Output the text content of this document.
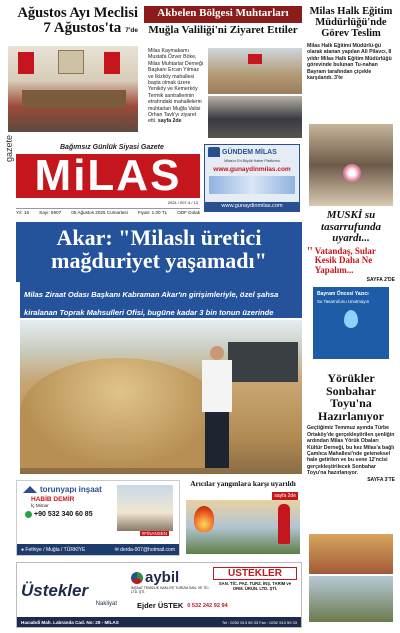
Ağustos Ayı Meclisi
7 Ağustos'ta 7'de
Akbelen Bölgesi Muhtarları
Muğla Valiliği'ni Ziyaret Ettiler
Milas Kaymakamı Mustafa Özver Böke, Milas Muhtarlar Derneği Başkanı Ercan Yılmaz ve Ikizköy mahallesi başta olmak üzere Yeniköy ve Kemerköy Termik santrallerinin etrafındaki mahallelerin muhtarları Muğla Valisi Orhan Tavlı'yı ziyaret etti. sayfa 2de
Milas Halk Eğitim Müdürlüğü'nde Görev Teslim
Milas Halk Eğitimi Müdürlü-ğü olarak atanan yapılan Ali Pilavcı, 8 yıldır Milas Halk Eğitim Müdürlüğü görevinde bulunan Tu-nahan Bayram tarafından çiçekle karşılandı. 3'te
gazete	Bağımsız Günlük Siyasi Gazete
MiLAS
2024 / 007-4 / 13
Yıl: 16 Sayı: 5907 05 Ağustos 2025 Cumartesi Fiyatı: 1.00 TL ODF Dolak
GÜNDEM MİLAS
Milas'ın En Büyük Haber Platformu
www.gunaydinmilas.com
www.gunaydinmilas.com
Akar: "Milaslı üretici
mağduriyet yaşamadı"
Milas Ziraat Odası Başkanı Kabraman Akar'ın girişimleriyle, özel şahsa kiralanan Toprak Mahsulleri Ofisi, bugüne kadar 3 bin tonun üzerinde
MUSKİ su tasarrufunda uyardı...
" Vatandaş, Sular Kesik Daha Ne Yapalım...
SAYFA 2'DE
Bayram Öncesi Yazıcı
Su Tasarrufunu Unutmayın
Yörükler Sonbahar Toyu'na Hazırlanıyor
Geçtiğimiz Temmuz ayında Türbe Ortaköy'de gerçekleştirilen şenliğin ardından Milas Yörük Obaları Kültür Derneği, bu kez Milas'a bağlı Çamlıca Mahallesi'nde geleneksel hale getirilen ve bu sene 12'ncisi gerçekleştirilecek Sonbahar Toyu'na hazırlanıyor.
SAYFA 3'TE
torunyapı inşaat
HABİB DEMİR
İç Mimar
+90 532 340 60 85
#FİNANSEN
● Fethiye / Muğla / TÜRKİYE	✉ derda-007@hotmail.com
Arıcılar yangınlara karşı uyarıldı
sayfa 2de
Üstekler
Nakliyat
aybil
İNŞAAT TEMİZLİK NAKLİYE TURİZM SAN. VE TİC. LTD. ŞTİ.
ÜSTEKLER
SAN. TİC. PAZ. TURZ. İNŞ. TARIM ve ORM. ÜRÜN. LTD. ŞTİ.
Ejder ÜSTEK 0 532 242 92 94
Hacıabdi Mah. Labranda Cad. No: 28 - MİLAS	Tel : 0252 513 59 33 Fax : 0252 513 59 33
